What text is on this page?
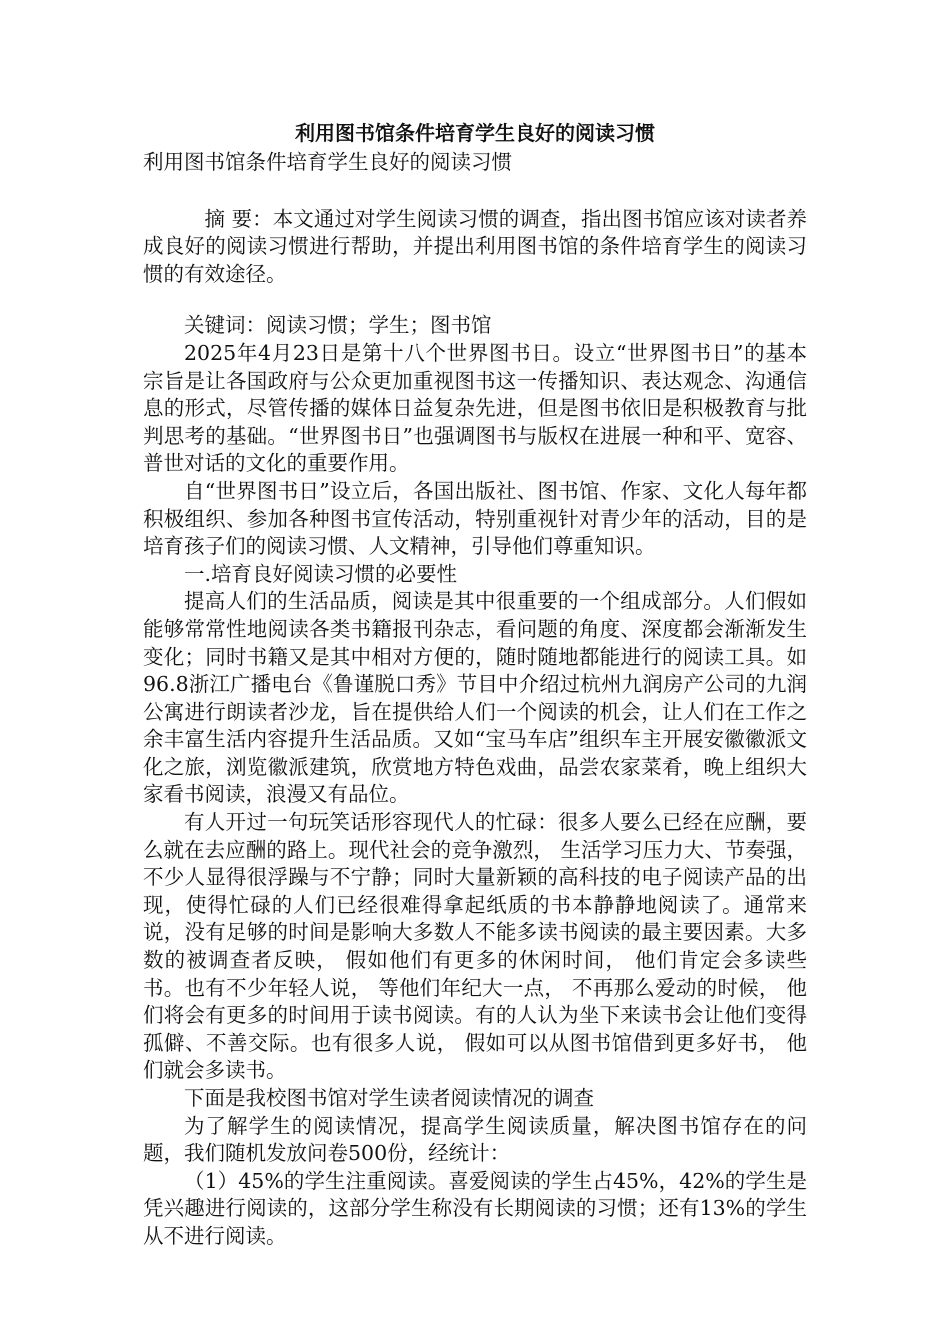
利用图书馆条件培育学生良好的阅读习惯
利用图书馆条件培育学生良好的阅读习惯

摘 要：本文通过对学生阅读习惯的调查，指出图书馆应该对读者养成良好的阅读习惯进行帮助，并提出利用图书馆的条件培育学生的阅读习惯的有效途径。

关键词：阅读习惯；学生；图书馆

2025年4月23日是第十八个世界图书日。设立“世界图书日”的基本宗旨是让各国政府与公众更加重视图书这一传播知识、表达观念、沟通信息的形式，尽管传播的媒体日益复杂先进，但是图书依旧是积极教育与批判思考的基础。“世界图书日”也强调图书与版权在进展一种和平、宽容、普世对话的文化的重要作用。

自“世界图书日”设立后，各国出版社、图书馆、作家、文化人每年都积极组织、参加各种图书宣传活动，特别重视针对青少年的活动，目的是培育孩子们的阅读习惯、人文精神，引导他们尊重知识。

一.培育良好阅读习惯的必要性

提高人们的生活品质，阅读是其中很重要的一个组成部分。人们假如能够常常性地阅读各类书籍报刊杂志，看问题的角度、深度都会渐渐发生变化；同时书籍又是其中相对方便的，随时随地都能进行的阅读工具。如96.8浙江广播电台《鲁谨脱口秀》节目中介绍过杭州九润房产公司的九润公寓进行朗读者沙龙，旨在提供给人们一个阅读的机会，让人们在工作之余丰富生活内容提升生活品质。又如“宝马车店”组织车主开展安徽徽派文化之旅，浏览徽派建筑，欣赏地方特色戏曲，品尝农家菜肴，晚上组织大家看书阅读，浪漫又有品位。

有人开过一句玩笑话形容现代人的忙碌：很多人要么已经在应酬，要么就在去应酬的路上。现代社会的竞争激烈， 生活学习压力大、节奏强，不少人显得很浮躁与不宁静；同时大量新颖的高科技的电子阅读产品的出现，使得忙碌的人们已经很难得拿起纸质的书本静静地阅读了。通常来说，没有足够的时间是影响大多数人不能多读书阅读的最主要因素。大多数的被调查者反映， 假如他们有更多的休闲时间， 他们肯定会多读些书。也有不少年轻人说， 等他们年纪大一点， 不再那么爱动的时候， 他们将会有更多的时间用于读书阅读。有的人认为坐下来读书会让他们变得孤僻、不善交际。也有很多人说， 假如可以从图书馆借到更多好书， 他们就会多读书。

下面是我校图书馆对学生读者阅读情况的调查

为了解学生的阅读情况，提高学生阅读质量，解决图书馆存在的问题，我们随机发放问卷500份，经统计：

（1）45%的学生注重阅读。喜爱阅读的学生占45%，42%的学生是凭兴趣进行阅读的，这部分学生称没有长期阅读的习惯；还有13%的学生从不进行阅读。
